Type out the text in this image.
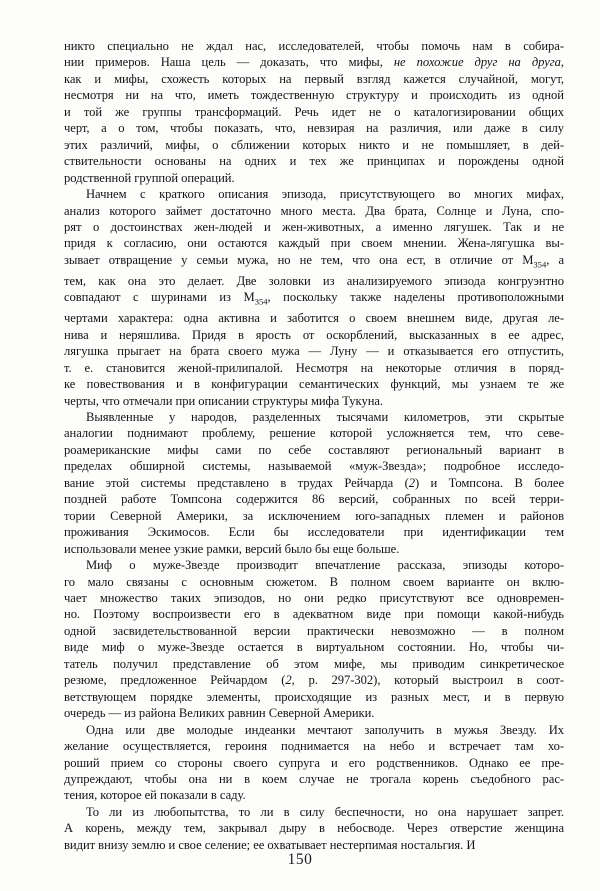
никто специально не ждал нас, исследователей, чтобы помочь нам в собира-
нии примеров. Наша цель — доказать, что мифы, не похожие друг на друга,
как и мифы, схожесть которых на первый взгляд кажется случайной, могут,
несмотря ни на что, иметь тождественную структуру и происходить из одной
и той же группы трансформаций. Речь идет не о каталогизировании общих
черт, а о том, чтобы показать, что, невзирая на различия, или даже в силу
этих различий, мифы, о сближении которых никто и не помышляет, в дей-
ствительности основаны на одних и тех же принципах и порождены одной
родственной группой операций.
Начнем с краткого описания эпизода, присутствующего во многих мифах,
анализ которого займет достаточно много места. Два брата, Солнце и Луна, спо-
рят о достоинствах жен-людей и жен-животных, а именно лягушек. Так и не
придя к согласию, они остаются каждый при своем мнении. Жена-лягушка вы-
зывает отвращение у семьи мужа, но не тем, что она ест, в отличие от $М_{354}$, а
тем, как она это делает. Две золовки из анализируемого эпизода конгруэнтно
совпадают с шуринами из $М_{354}$, поскольку также наделены противоположными
чертами характера: одна активна и заботится о своем внешнем виде, другая ле-
нива и неряшлива. Придя в ярость от оскорблений, высказанных в ее адрес,
лягушка прыгает на брата своего мужа — Луну — и отказывается его отпустить,
т. е. становится женой-прилипалой. Несмотря на некоторые отличия в поряд-
ке повествования и в конфигурации семантических функций, мы узнаем те же
черты, что отмечали при описании структуры мифа Тукуна.
Выявленные у народов, разделенных тысячами километров, эти скрытые
аналогии поднимают проблему, решение которой усложняется тем, что севе-
роамериканские мифы сами по себе составляют региональный вариант в
пределах обширной системы, называемой «муж-Звезда»; подробное исследо-
вание этой системы представлено в трудах Рейчарда (2) и Томпсона. В более
поздней работе Томпсона содержится 86 версий, собранных по всей терри-
тории Северной Америки, за исключением юго-западных племен и районов
проживания Эскимосов. Если бы исследователи при идентификации тем
использовали менее узкие рамки, версий было бы еще больше.
Миф о муже-Звезде производит впечатление рассказа, эпизоды которо-
го мало связаны с основным сюжетом. В полном своем варианте он вклю-
чает множество таких эпизодов, но они редко присутствуют все одновремен-
но. Поэтому воспроизвести его в адекватном виде при помощи какой-нибудь
одной засвидетельствованной версии практически невозможно — в полном
виде миф о муже-Звезде остается в виртуальном состоянии. Но, чтобы чи-
татель получил представление об этом мифе, мы приводим синкретическое
резюме, предложенное Рейчардом (2, р. 297-302), который выстроил в соот-
ветствующем порядке элементы, происходящие из разных мест, и в первую
очередь — из района Великих равнин Северной Америки.
Одна или две молодые индеанки мечтают заполучить в мужья Звезду. Их
желание осуществляется, героиня поднимается на небо и встречает там хо-
роший прием со стороны своего супруга и его родственников. Однако ее пре-
дупреждают, чтобы она ни в коем случае не трогала корень съедобного рас-
тения, которое ей показали в саду.
То ли из любопытства, то ли в силу беспечности, но она нарушает запрет.
А корень, между тем, закрывал дыру в небосводе. Через отверстие женщина
видит внизу землю и свое селение; ее охватывает нестерпимая ностальгия. И
150
